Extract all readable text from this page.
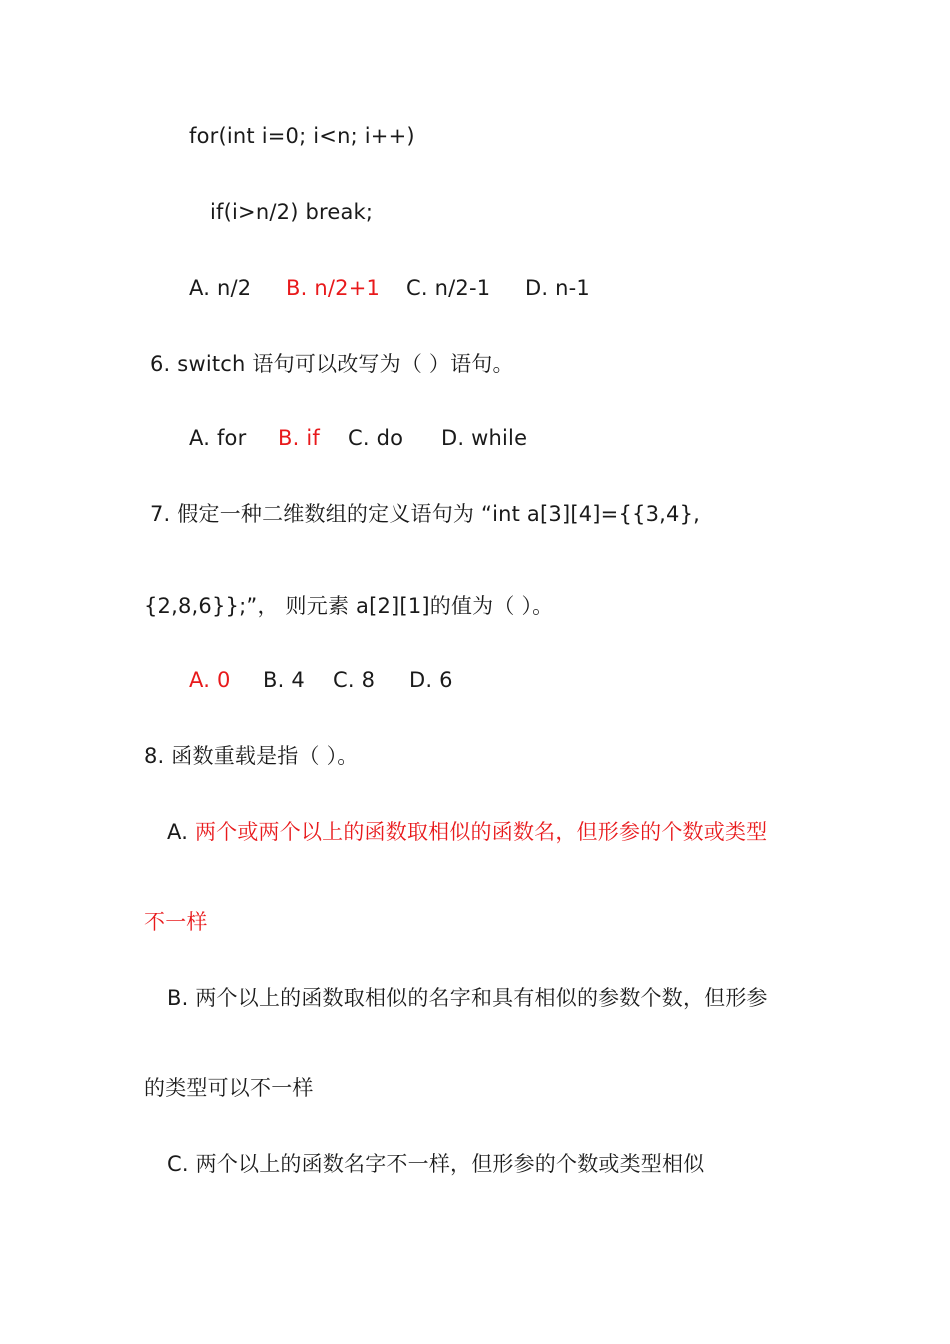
for(int i=0; i<n; i++)
if(i>n/2) break;
A. n/2 B. n/2+1 C. n/2-1 D. n-1
6. switch 语句可以改写为（ ）语句。
A. for B. if C. do D. while
7. 假定一种二维数组的定义语句为 “int a[3][4]={{3,4},
{2,8,6}};”， 则元素 a[2][1]的值为（ ）。
A. 0 B. 4 C. 8 D. 6
8. 函数重载是指（ ）。
A. 两个或两个以上的函数取相似的函数名，但形参的个数或类型
不一样
B. 两个以上的函数取相似的名字和具有相似的参数个数，但形参
的类型可以不一样
C. 两个以上的函数名字不一样，但形参的个数或类型相似
